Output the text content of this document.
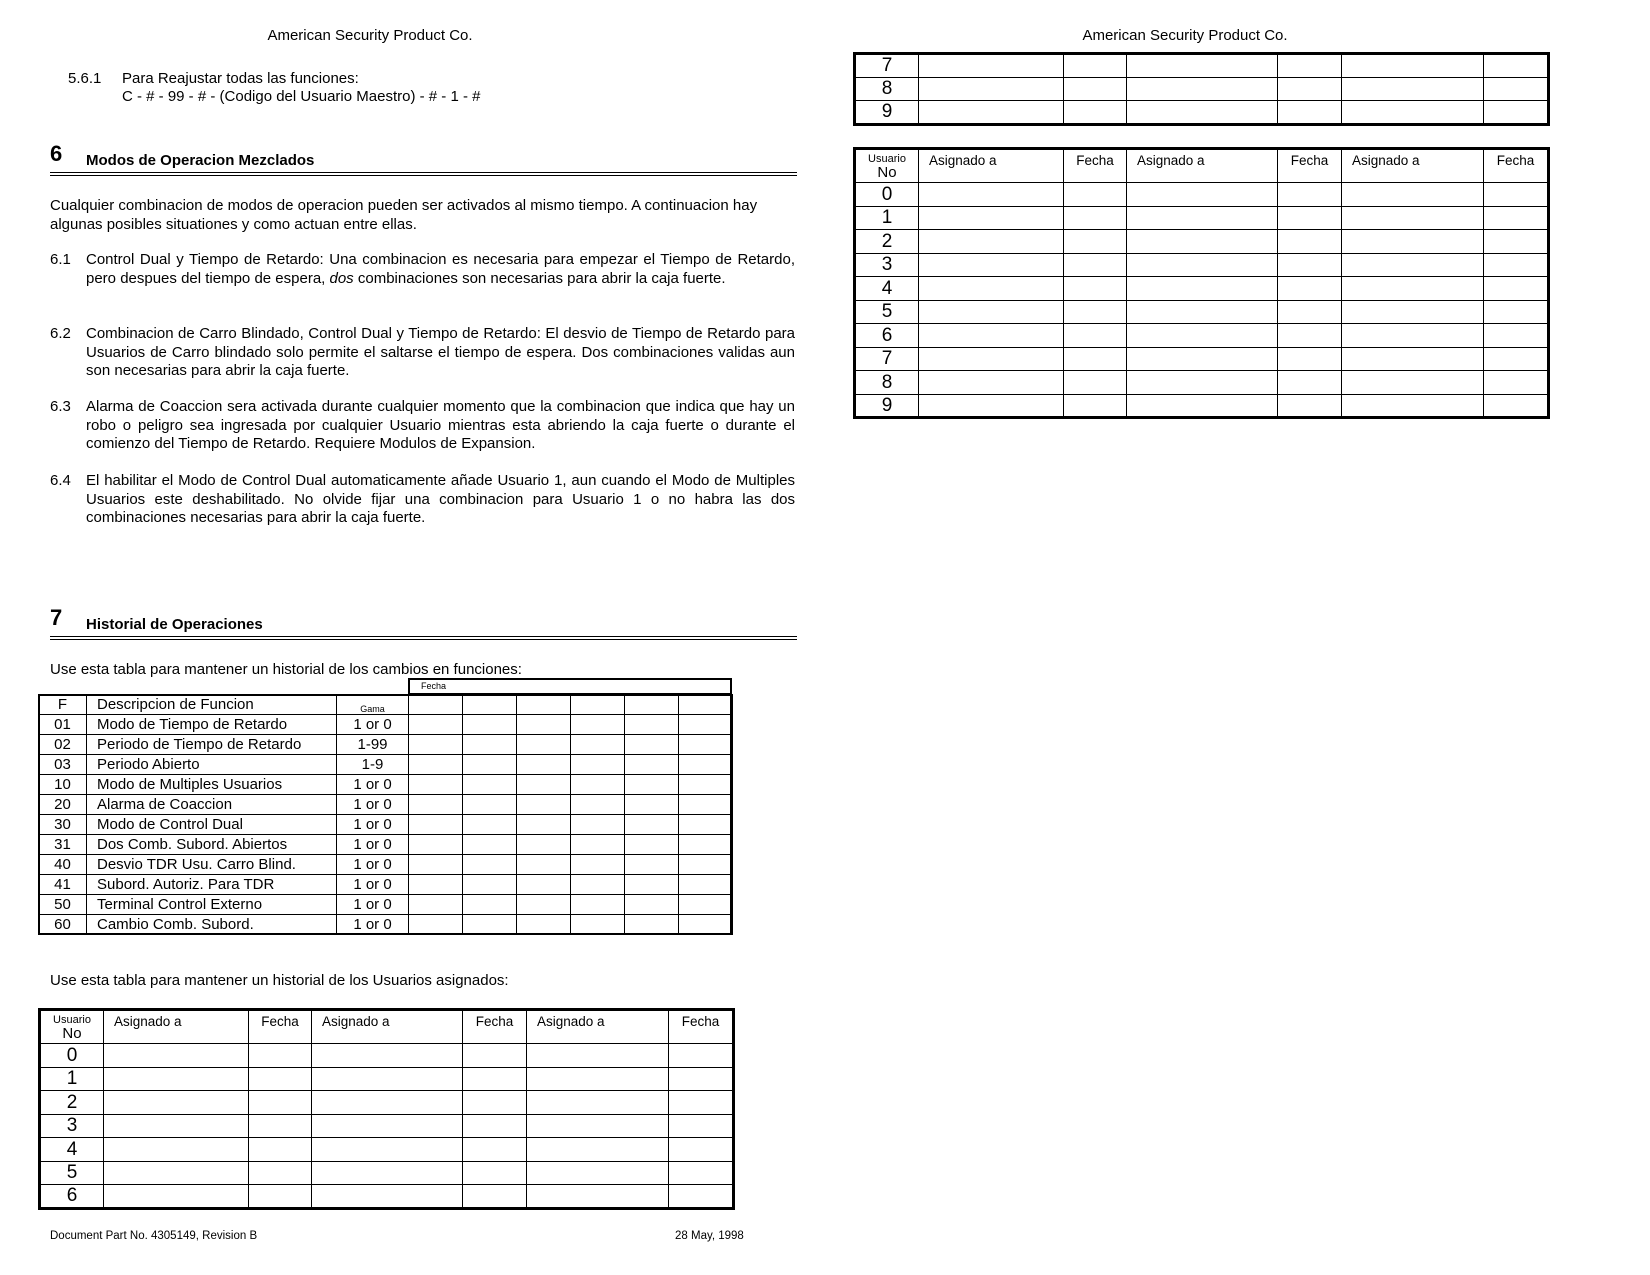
American Security Product Co.
5.6.1 Para Reajustar todas las funciones:
C - # - 99 - # - (Codigo del Usuario Maestro) - # - 1 - #
6 Modos de Operacion Mezclados
Cualquier combinacion de modos de operacion pueden ser activados al mismo tiempo. A continuacion hay algunas posibles situationes y como actuan entre ellas.
6.1 Control Dual y Tiempo de Retardo: Una combinacion es necesaria para empezar el Tiempo de Retardo, pero despues del tiempo de espera, dos combinaciones son necesarias para abrir la caja fuerte.
6.2 Combinacion de Carro Blindado, Control Dual y Tiempo de Retardo: El desvio de Tiempo de Retardo para Usuarios de Carro blindado solo permite el saltarse el tiempo de espera. Dos combinaciones validas aun son necesarias para abrir la caja fuerte.
6.3 Alarma de Coaccion sera activada durante cualquier momento que la combinacion que indica que hay un robo o peligro sea ingresada por cualquier Usuario mientras esta abriendo la caja fuerte o durante el comienzo del Tiempo de Retardo. Requiere Modulos de Expansion.
6.4 El habilitar el Modo de Control Dual automaticamente añade Usuario 1, aun cuando el Modo de Multiples Usuarios este deshabilitado. No olvide fijar una combinacion para Usuario 1 o no habra las dos combinaciones necesarias para abrir la caja fuerte.
7 Historial de Operaciones
Use esta tabla para mantener un historial de los cambios en funciones:
Fecha
F	Descripcion de Funcion	Gama						
01	Modo de Tiempo de Retardo	1 or 0						
02	Periodo de Tiempo de Retardo	1-99						
03	Periodo Abierto	1-9						
10	Modo de Multiples Usuarios	1 or 0						
20	Alarma de Coaccion	1 or 0						
30	Modo de Control Dual	1 or 0						
31	Dos Comb. Subord. Abiertos	1 or 0						
40	Desvio TDR Usu. Carro Blind.	1 or 0						
41	Subord. Autoriz. Para TDR	1 or 0						
50	Terminal Control Externo	1 or 0						
60	Cambio Comb. Subord.	1 or 0						
Use esta tabla para mantener un historial de los Usuarios asignados:
Usuario
No	Asignado a	Fecha	Asignado a	Fecha	Asignado a	Fecha
0						
1						
2						
3						
4						
5						
6						
Document Part No. 4305149, Revision B	28 May, 1998
American Security Product Co.
7						
8						
9						
Usuario
No	Asignado a	Fecha	Asignado a	Fecha	Asignado a	Fecha
0						
1						
2						
3						
4						
5						
6						
7						
8						
9						
